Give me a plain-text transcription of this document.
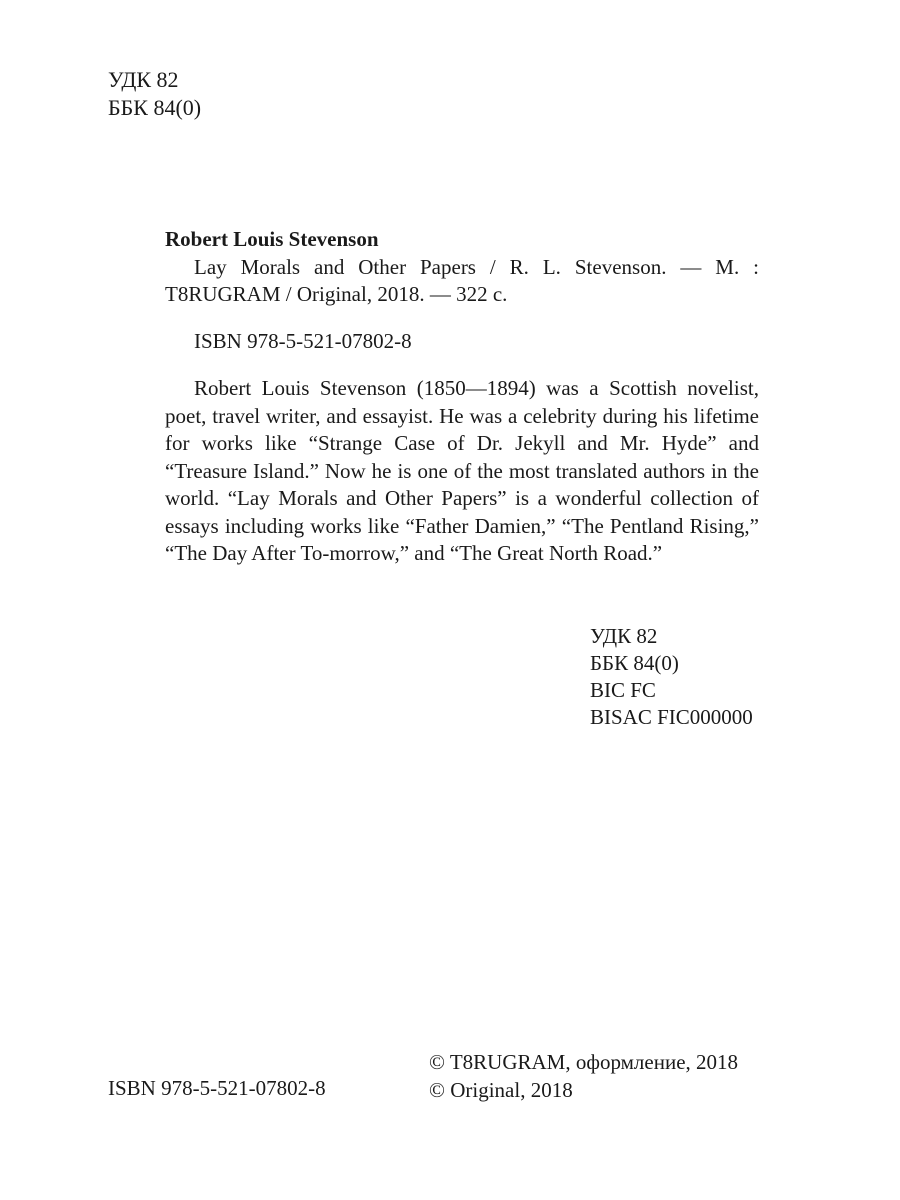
УДК 82
ББК 84(0)
Robert Louis Stevenson

Lay Morals and Other Papers / R. L. Stevenson. — M. : T8RUGRAM / Original, 2018. — 322 c.

ISBN 978-5-521-07802-8

Robert Louis Stevenson (1850—1894) was a Scottish novelist, poet, travel writer, and essayist. He was a celebrity during his lifetime for works like “Strange Case of Dr. Jekyll and Mr. Hyde” and “Treasure Island.” Now he is one of the most translated authors in the world. “Lay Morals and Other Papers” is a wonderful collection of essays including works like “Father Damien,” “The Pentland Rising,” “The Day After To-morrow,” and “The Great North Road.”

УДК 82
ББК 84(0)
BIC FC
BISAC FIC000000
ISBN 978-5-521-07802-8
© T8RUGRAM, оформление, 2018
© Original, 2018
